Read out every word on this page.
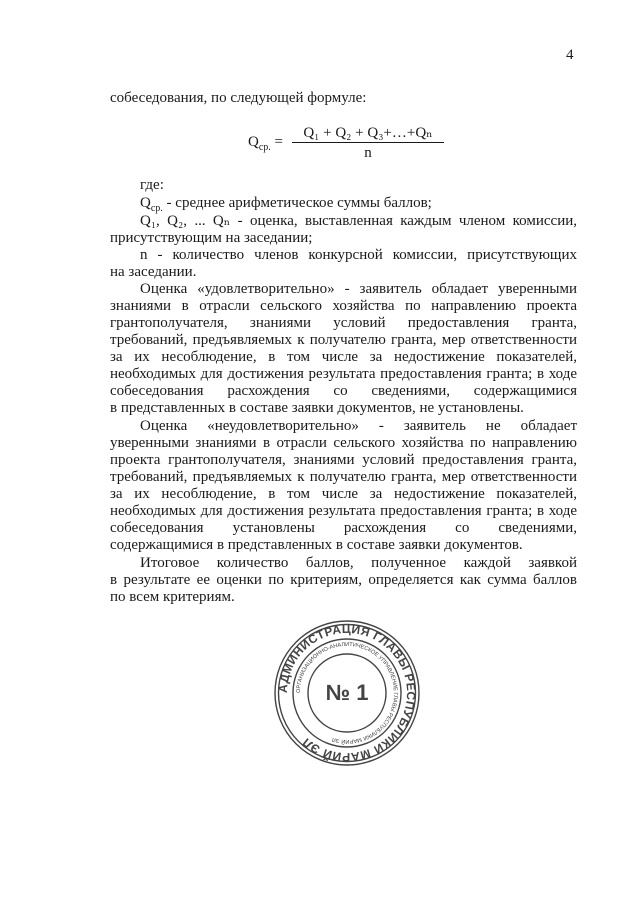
4
собеседования, по следующей формуле:
$Q_{ср.}$ =
Q₁ + Q₂ + Q₃+…+Qₙ
n
где:
$Q_{ср.}$ - среднее арифметическое суммы баллов;
Q₁, Q₂, ... Qₙ - оценка, выставленная каждым членом комиссии,
присутствующим на заседании;
n - количество членов конкурсной комиссии, присутствующих
на заседании.
Оценка «удовлетворительно» - заявитель обладает уверенными
знаниями в отрасли сельского хозяйства по направлению проекта
грантополучателя, знаниями условий предоставления гранта,
требований, предъявляемых к получателю гранта, мер ответственности
за их несоблюдение, в том числе за недостижение показателей,
необходимых для достижения результата предоставления гранта; в ходе
собеседования расхождения со сведениями, содержащимися
в представленных в составе заявки документов, не установлены.
Оценка «неудовлетворительно» - заявитель не обладает
уверенными знаниями в отрасли сельского хозяйства по направлению
проекта грантополучателя, знаниями условий предоставления гранта,
требований, предъявляемых к получателю гранта, мер ответственности
за их несоблюдение, в том числе за недостижение показателей,
необходимых для достижения результата предоставления гранта; в ходе
собеседования установлены расхождения со сведениями,
содержащимися в представленных в составе заявки документов.
Итоговое количество баллов, полученное каждой заявкой
в результате ее оценки по критериям, определяется как сумма баллов
по всем критериям.
АДМИНИСТРАЦИЯ ГЛАВЫ РЕСПУБЛИКИ МАРИЙ ЭЛ
ОРГАНИЗАЦИОННО-АНАЛИТИЧЕСКОЕ УПРАВЛЕНИЕ ГЛАВЫ РЕСПУБЛИКИ МАРИЙ ЭЛ
№ 1
